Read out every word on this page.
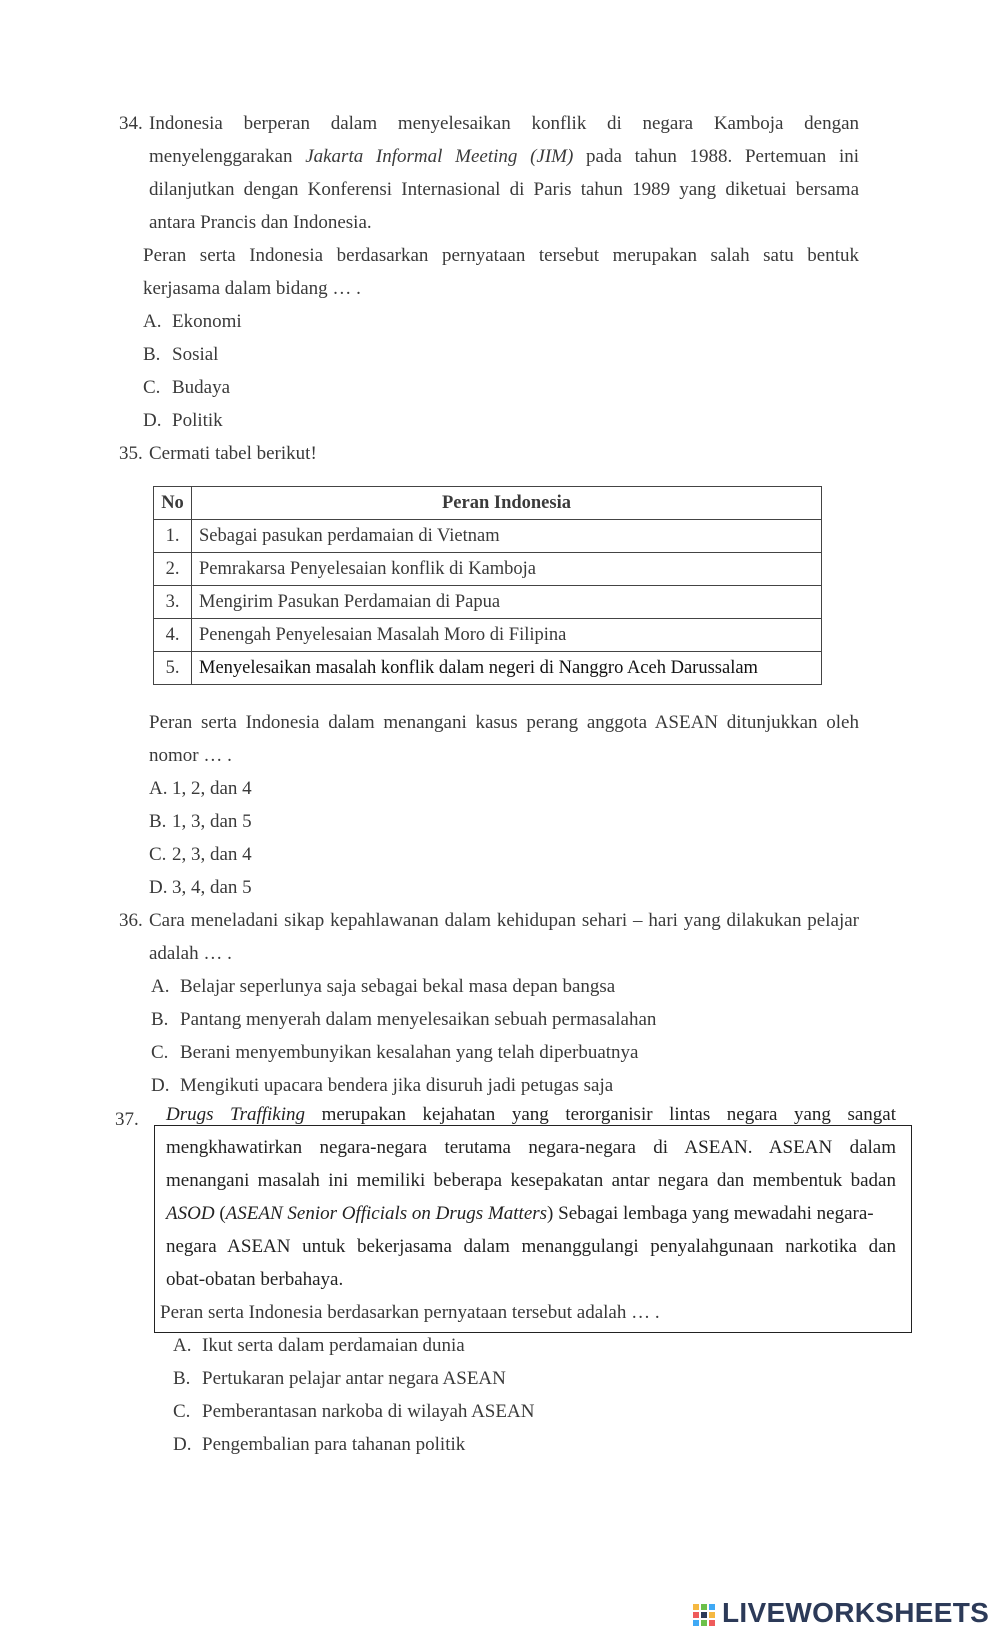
34. Indonesia berperan dalam menyelesaikan konflik di negara Kamboja dengan
menyelenggarakan Jakarta Informal Meeting (JIM) pada tahun 1988. Pertemuan ini
dilanjutkan dengan Konferensi Internasional di Paris tahun 1989 yang diketuai bersama
antara Prancis dan Indonesia.
Peran serta Indonesia berdasarkan pernyataan tersebut merupakan salah satu bentuk
kerjasama dalam bidang … .
A. Ekonomi
B. Sosial
C. Budaya
D. Politik
35. Cermati tabel berikut!
No	Peran Indonesia
1.	Sebagai pasukan perdamaian di Vietnam
2.	Pemrakarsa Penyelesaian konflik di Kamboja
3.	Mengirim Pasukan Perdamaian di Papua
4.	Penengah Penyelesaian Masalah Moro di Filipina
5.	Menyelesaikan masalah konflik dalam negeri di Nanggro Aceh Darussalam
Peran serta Indonesia dalam menangani kasus perang anggota ASEAN ditunjukkan oleh
nomor … .
A. 1, 2, dan 4
B. 1, 3, dan 5
C. 2, 3, dan 4
D. 3, 4, dan 5
36. Cara meneladani sikap kepahlawanan dalam kehidupan sehari – hari yang dilakukan pelajar
adalah … .
A. Belajar seperlunya saja sebagai bekal masa depan bangsa
B. Pantang menyerah dalam menyelesaikan sebuah permasalahan
C. Berani menyembunyikan kesalahan yang telah diperbuatnya
D. Mengikuti upacara bendera jika disuruh jadi petugas saja
37. Drugs Traffiking merupakan kejahatan yang terorganisir lintas negara yang sangat
mengkhawatirkan negara-negara terutama negara-negara di ASEAN. ASEAN dalam
menangani masalah ini memiliki beberapa kesepakatan antar negara dan membentuk badan
ASOD (ASEAN Senior Officials on Drugs Matters) Sebagai lembaga yang mewadahi negara-
negara ASEAN untuk bekerjasama dalam menanggulangi penyalahgunaan narkotika dan
obat-obatan berbahaya.
Peran serta Indonesia berdasarkan pernyataan tersebut adalah … .
A. Ikut serta dalam perdamaian dunia
B. Pertukaran pelajar antar negara ASEAN
C. Pemberantasan narkoba di wilayah ASEAN
D. Pengembalian para tahanan politik
LIVEWORKSHEETS
